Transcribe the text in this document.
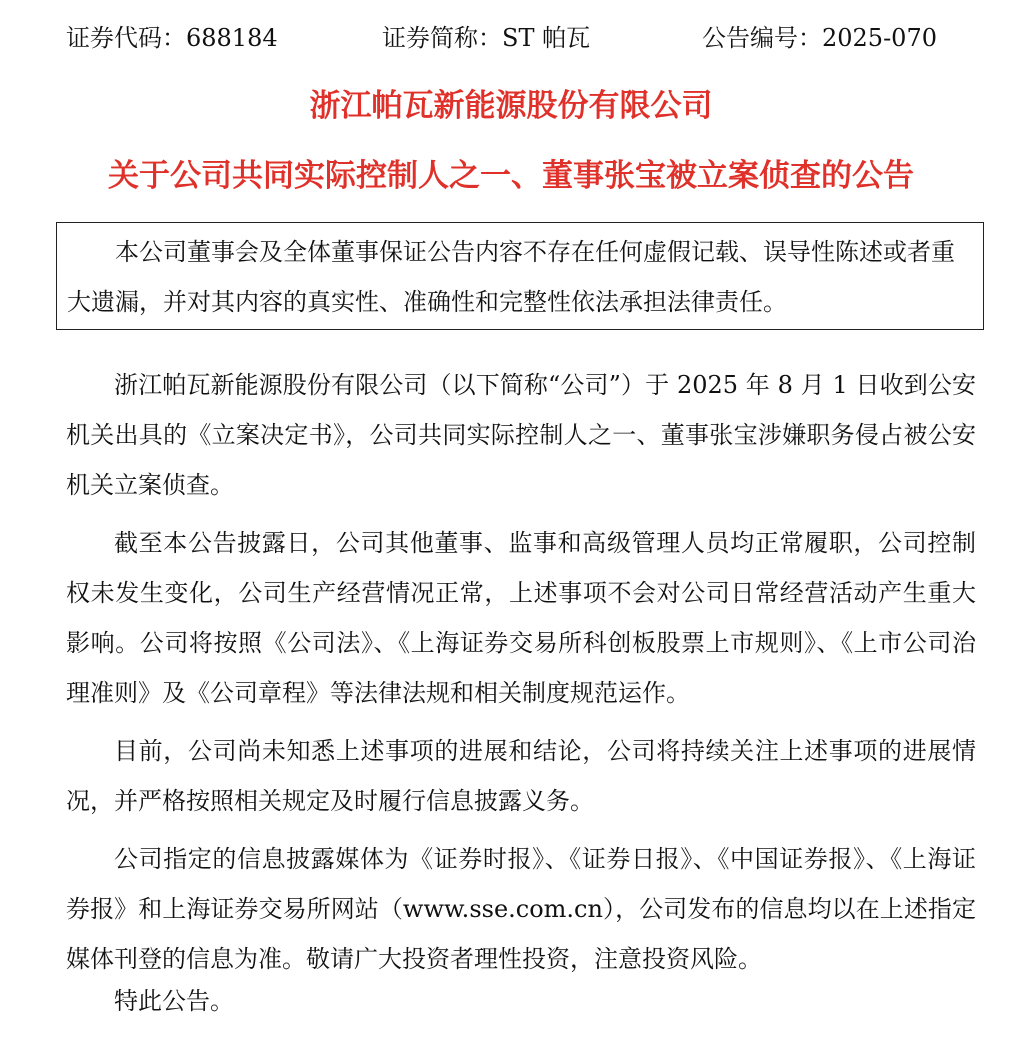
证券代码：688184	证券简称：ST 帕瓦	公告编号：2025-070
浙江帕瓦新能源股份有限公司
关于公司共同实际控制人之一、董事张宝被立案侦查的公告
本公司董事会及全体董事保证公告内容不存在任何虚假记载、误导性陈述或者重大遗漏，并对其内容的真实性、准确性和完整性依法承担法律责任。

浙江帕瓦新能源股份有限公司（以下简称“公司”）于 2025 年 8 月 1 日收到公安机关出具的《立案决定书》，公司共同实际控制人之一、董事张宝涉嫌职务侵占被公安机关立案侦查。

截至本公告披露日，公司其他董事、监事和高级管理人员均正常履职，公司控制权未发生变化，公司生产经营情况正常，上述事项不会对公司日常经营活动产生重大影响。公司将按照《公司法》、《上海证券交易所科创板股票上市规则》、《上市公司治理准则》及《公司章程》等法律法规和相关制度规范运作。

目前，公司尚未知悉上述事项的进展和结论，公司将持续关注上述事项的进展情况，并严格按照相关规定及时履行信息披露义务。

公司指定的信息披露媒体为《证券时报》、《证券日报》、《中国证券报》、《上海证券报》和上海证券交易所网站（www.sse.com.cn），公司发布的信息均以在上述指定媒体刊登的信息为准。敬请广大投资者理性投资，注意投资风险。

特此公告。
